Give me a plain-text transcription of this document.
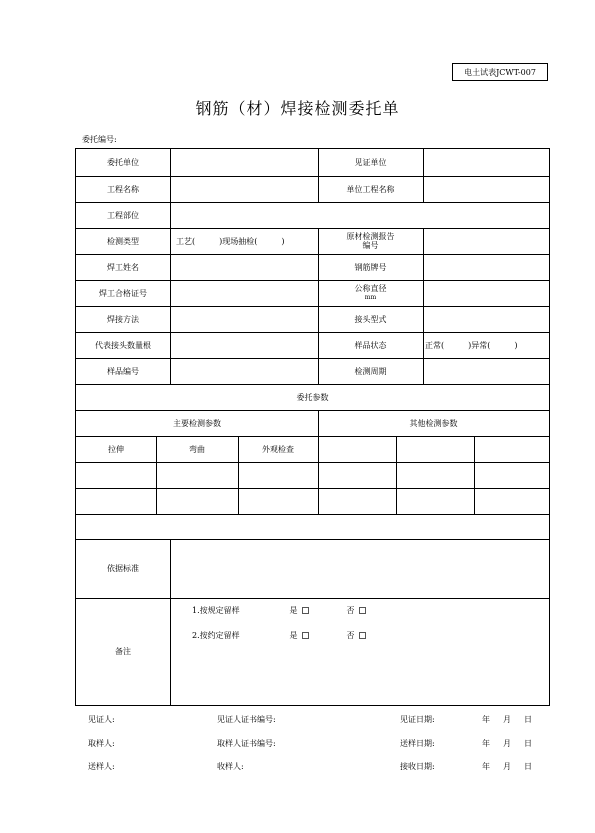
电土试表JCWT-007
钢筋（材）焊接检测委托单
委托编号:
委托单位	见证单位
工程名称	单位工程名称
工程部位
检测类型	工艺(　　　)现场抽检(　　　)	原材检测报告编号
焊工姓名	钢筋牌号
焊工合格证号	公称直径
mm
焊接方法	接头型式
代表接头数量根	样品状态	正常(　　　)异常(　　　)
样品编号	检测周期
委托参数
主要检测参数	其他检测参数
拉伸	弯曲	外观检查
依据标准
备注
1.按规定留样	是	否
2.按约定留样	是	否
见证人:	见证人证书编号:	见证日期:	年 月 日
取样人:	取样人证书编号:	送样日期:	年 月 日
送样人:	收样人:	接收日期:	年 月 日
